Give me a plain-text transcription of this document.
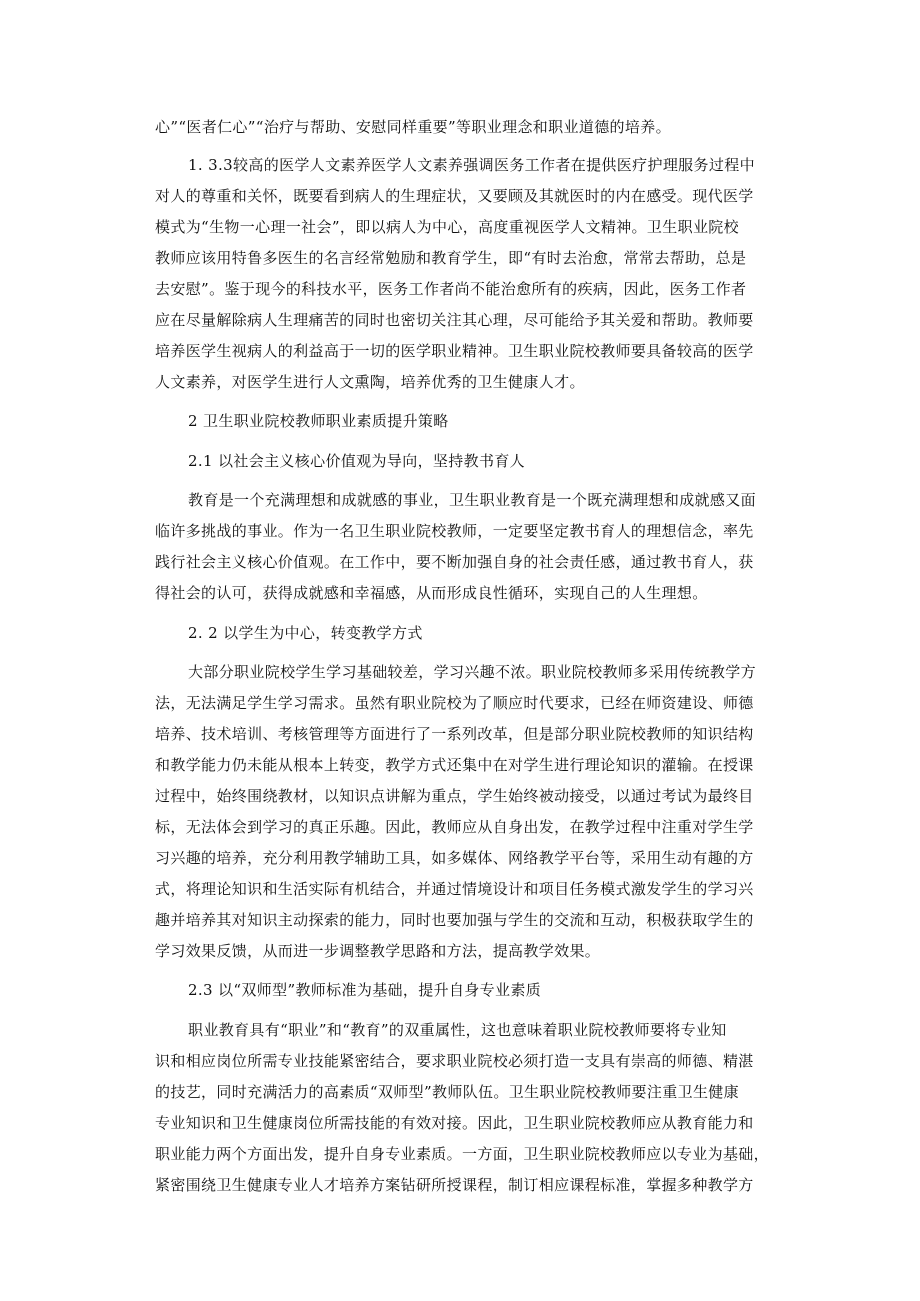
心”“医者仁心”“治疗与帮助、安慰同样重要”等职业理念和职业道德的培养。
1. 3.3较高的医学人文素养医学人文素养强调医务工作者在提供医疗护理服务过程中
对人的尊重和关怀，既要看到病人的生理症状，又要顾及其就医时的内在感受。现代医学
模式为“生物一心理一社会”，即以病人为中心，高度重视医学人文精神。卫生职业院校
教师应该用特鲁多医生的名言经常勉励和教育学生，即“有时去治愈，常常去帮助，总是
去安慰”。鉴于现今的科技水平，医务工作者尚不能治愈所有的疾病，因此，医务工作者
应在尽量解除病人生理痛苦的同时也密切关注其心理，尽可能给予其关爱和帮助。教师要
培养医学生视病人的利益高于一切的医学职业精神。卫生职业院校教师要具备较高的医学
人文素养，对医学生进行人文熏陶，培养优秀的卫生健康人才。
2 卫生职业院校教师职业素质提升策略
2.1 以社会主义核心价值观为导向，坚持教书育人
教育是一个充满理想和成就感的事业，卫生职业教育是一个既充满理想和成就感又面
临许多挑战的事业。作为一名卫生职业院校教师，一定要坚定教书育人的理想信念，率先
践行社会主义核心价值观。在工作中，要不断加强自身的社会责任感，通过教书育人，获
得社会的认可，获得成就感和幸福感，从而形成良性循环，实现自己的人生理想。
2. 2 以学生为中心，转变教学方式
大部分职业院校学生学习基础较差，学习兴趣不浓。职业院校教师多采用传统教学方
法，无法满足学生学习需求。虽然有职业院校为了顺应时代要求，已经在师资建设、师德
培养、技术培训、考核管理等方面进行了一系列改革，但是部分职业院校教师的知识结构
和教学能力仍未能从根本上转变，教学方式还集中在对学生进行理论知识的灌输。在授课
过程中，始终围绕教材，以知识点讲解为重点，学生始终被动接受，以通过考试为最终目
标，无法体会到学习的真正乐趣。因此，教师应从自身出发，在教学过程中注重对学生学
习兴趣的培养，充分利用教学辅助工具，如多媒体、网络教学平台等，采用生动有趣的方
式，将理论知识和生活实际有机结合，并通过情境设计和项目任务模式激发学生的学习兴
趣并培养其对知识主动探索的能力，同时也要加强与学生的交流和互动，积极获取学生的
学习效果反馈，从而进一步调整教学思路和方法，提高教学效果。
2.3 以“双师型”教师标准为基础，提升自身专业素质
职业教育具有“职业”和“教育”的双重属性，这也意味着职业院校教师要将专业知
识和相应岗位所需专业技能紧密结合，要求职业院校必须打造一支具有崇高的师德、精湛
的技艺，同时充满活力的高素质“双师型”教师队伍。卫生职业院校教师要注重卫生健康
专业知识和卫生健康岗位所需技能的有效对接。因此，卫生职业院校教师应从教育能力和
职业能力两个方面出发，提升自身专业素质。一方面，卫生职业院校教师应以专业为基础，
紧密围绕卫生健康专业人才培养方案钻研所授课程，制订相应课程标准，掌握多种教学方
